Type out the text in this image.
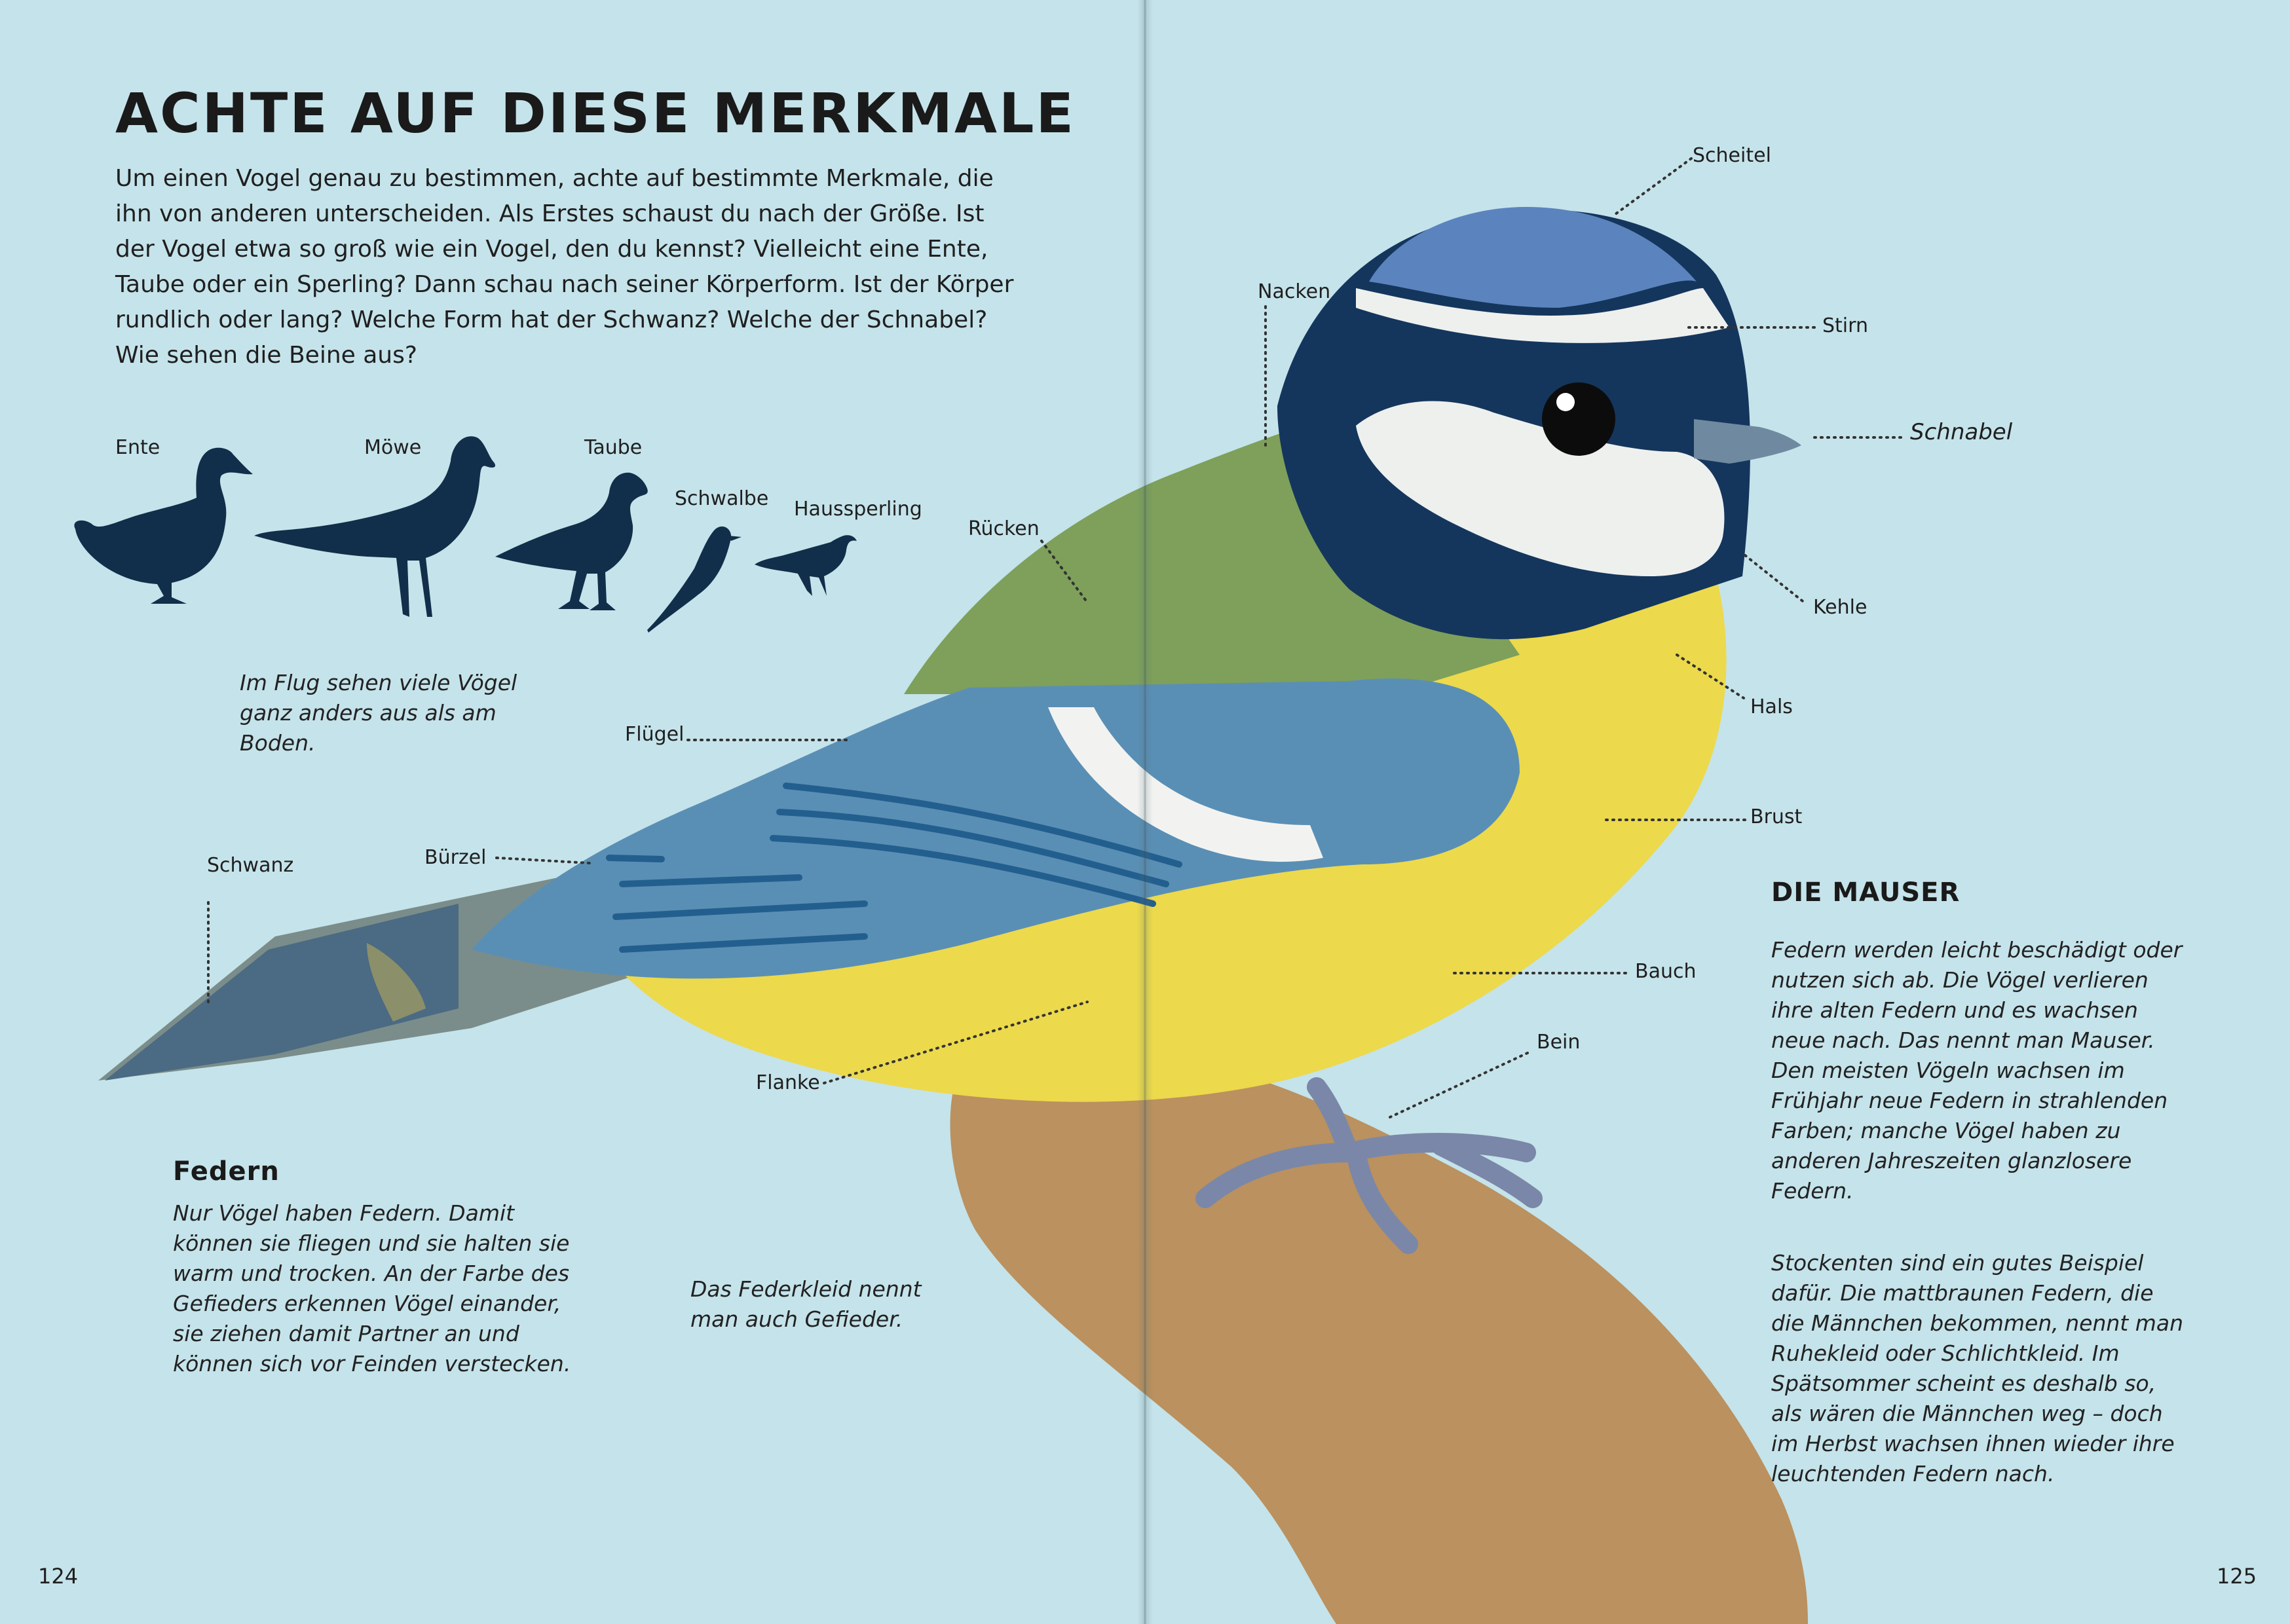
ACHTE AUF DIESE MERKMALE
Um einen Vogel genau zu bestimmen, achte auf bestimmte Merkmale, die ihn von anderen unterscheiden. Als Erstes schaust du nach der Größe. Ist der Vogel etwa so groß wie ein Vogel, den du kennst? Vielleicht eine Ente, Taube oder ein Sperling? Dann schau nach seiner Körperform. Ist der Körper rundlich oder lang? Welche Form hat der Schwanz? Welche der Schnabel? Wie sehen die Beine aus?
Ente	Möwe	Taube
Schwalbe Haussperling
Im Flug sehen viele Vögel ganz anders aus als am Boden.
Federn
Nur Vögel haben Federn. Damit können sie fliegen und sie halten sie warm und trocken. An der Farbe des Gefieders erkennen Vögel einander, sie ziehen damit Partner an und können sich vor Feinden verstecken.
Das Federkleid nennt man auch Gefieder.
Scheitel
Nacken
Stirn
Schnabel
Kehle
Rücken
Hals
Flügel
Brust
Schwanz	Bürzel
Bauch
Bein
Flanke
DIE MAUSER
Federn werden leicht beschädigt oder nutzen sich ab. Die Vögel verlieren ihre alten Federn und es wachsen neue nach. Das nennt man Mauser. Den meisten Vögeln wachsen im Frühjahr neue Federn in strahlenden Farben; manche Vögel haben zu anderen Jahreszeiten glanzlosere Federn.
Stockenten sind ein gutes Beispiel dafür. Die mattbraunen Federn, die die Männchen bekommen, nennt man Ruhekleid oder Schlichtkleid. Im Spätsommer scheint es deshalb so, als wären die Männchen weg – doch im Herbst wachsen ihnen wieder ihre leuchtenden Federn nach.
124	125
